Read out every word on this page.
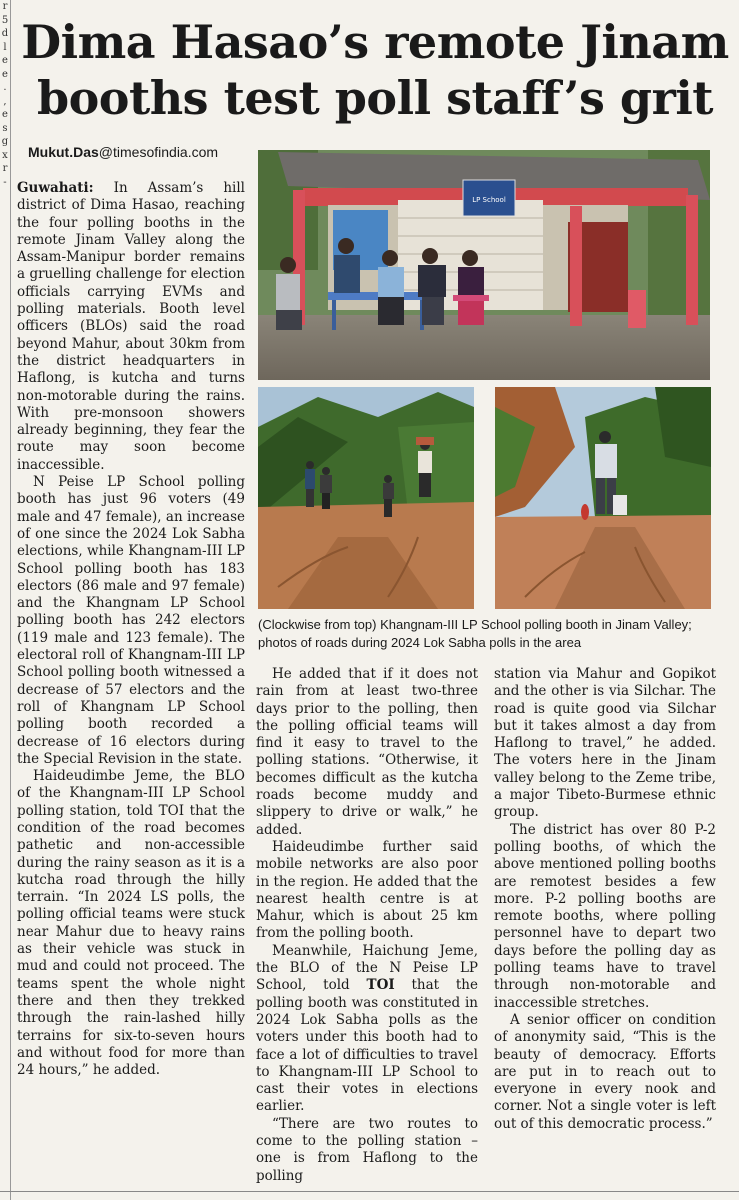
r
5
d
l
e
e
.
,
e
s
g
x
r
-
Dima Hasao’s remote Jinam
booths test poll staff’s grit
Mukut.Das@timesofindia.com

Guwahati: In Assam’s hill district of Dima Hasao, reaching the four polling booths in the remote Jinam Valley along the Assam-Manipur border remains a gruelling challenge for election officials carrying EVMs and polling materials. Booth level officers (BLOs) said the road beyond Mahur, about 30km from the district headquarters in Haflong, is kutcha and turns non-motorable during the rains. With pre-monsoon showers already beginning, they fear the route may soon become inaccessible.

N Peise LP School polling booth has just 96 voters (49 male and 47 female), an increase of one since the 2024 Lok Sabha elections, while Khangnam-III LP School polling booth has 183 electors (86 male and 97 female) and the Khangnam LP School polling booth has 242 electors (119 male and 123 female). The electoral roll of Khangnam-III LP School polling booth witnessed a decrease of 57 electors and the roll of Khangnam LP School polling booth recorded a decrease of 16 electors during the Special Revision in the state.

Haideudimbe Jeme, the BLO of the Khangnam-III LP School polling station, told TOI that the condition of the road becomes pathetic and non-accessible during the rainy season as it is a kutcha road through the hilly terrain. “In 2024 LS polls, the polling official teams were stuck near Mahur due to heavy rains as their vehicle was stuck in mud and could not proceed. The teams spent the whole night there and then they trekked through the rain-lashed hilly terrains for six-to-seven hours and without food for more than 24 hours,” he added.

LP School
(Clockwise from top) Khangnam-III LP School polling booth in Jinam Valley; photos of roads during 2024 Lok Sabha polls in the area

He added that if it does not rain from at least two-three days prior to the polling, then the polling official teams will find it easy to travel to the polling stations. “Otherwise, it becomes difficult as the kutcha roads become muddy and slippery to drive or walk,” he added.

Haideudimbe further said mobile networks are also poor in the region. He added that the nearest health centre is at Mahur, which is about 25 km from the polling booth.

Meanwhile, Haichung Jeme, the BLO of the N Peise LP School, told TOI that the polling booth was constituted in 2024 Lok Sabha polls as the voters under this booth had to face a lot of difficulties to travel to Khangnam-III LP School to cast their votes in elections earlier.

“There are two routes to come to the polling station – one is from Haflong to the polling

station via Mahur and Gopikot and the other is via Silchar. The road is quite good via Silchar but it takes almost a day from Haflong to travel,” he added. The voters here in the Jinam valley belong to the Zeme tribe, a major Tibeto-Burmese ethnic group.

The district has over 80 P-2 polling booths, of which the above mentioned polling booths are remotest besides a few more. P-2 polling booths are remote booths, where polling personnel have to depart two days before the polling day as polling teams have to travel through non-motorable and inaccessible stretches.

A senior officer on condition of anonymity said, “This is the beauty of democracy. Efforts are put in to reach out to everyone in every nook and corner. Not a single voter is left out of this democratic process.”
